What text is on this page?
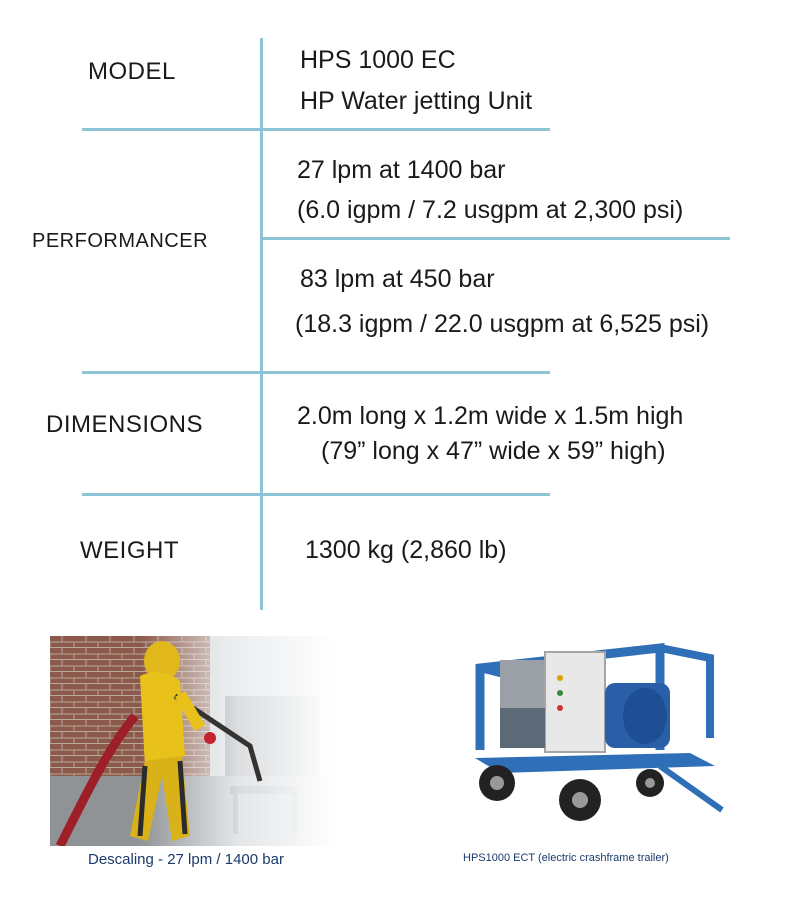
MODEL	HPS 1000 EC
HP Water jetting Unit
PERFORMANCER
27 lpm at 1400 bar
(6.0 igpm / 7.2 usgpm at 2,300 psi)
83 lpm at 450 bar
(18.3 igpm / 22.0 usgpm at 6,525 psi)
DIMENSIONS	2.0m long x 1.2m wide x 1.5m high
(79” long x 47” wide x 59” high)
WEIGHT	1300 kg (2,860 lb)
Descaling - 27 lpm / 1400 bar	HPS1000 ECT (electric crashframe trailer)
